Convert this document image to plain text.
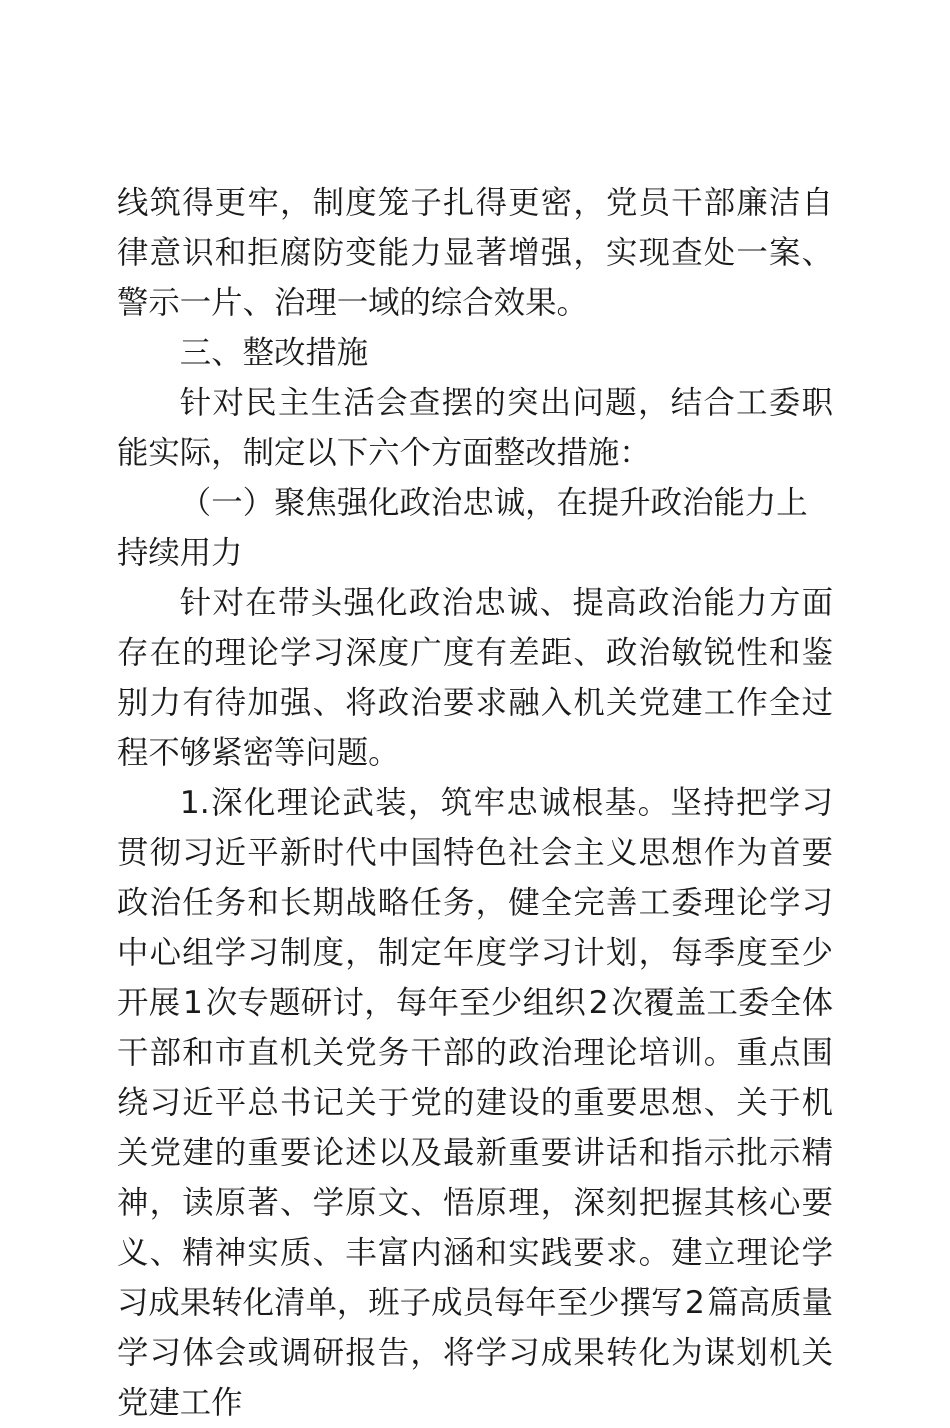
线筑得更牢，制度笼子扎得更密，党员干部廉洁自律意识和拒腐防变能力显著增强，实现查处一案、警示一片、治理一域的综合效果。

三、整改措施

针对民主生活会查摆的突出问题，结合工委职能实际，制定以下六个方面整改措施：

（一）聚焦强化政治忠诚，在提升政治能力上持续用力

针对在带头强化政治忠诚、提高政治能力方面存在的理论学习深度广度有差距、政治敏锐性和鉴别力有待加强、将政治要求融入机关党建工作全过程不够紧密等问题。

1.深化理论武装，筑牢忠诚根基。坚持把学习贯彻习近平新时代中国特色社会主义思想作为首要政治任务和长期战略任务，健全完善工委理论学习中心组学习制度，制定年度学习计划，每季度至少开展1次专题研讨，每年至少组织2次覆盖工委全体干部和市直机关党务干部的政治理论培训。重点围绕习近平总书记关于党的建设的重要思想、关于机关党建的重要论述以及最新重要讲话和指示批示精神，读原著、学原文、悟原理，深刻把握其核心要义、精神实质、丰富内涵和实践要求。建立理论学习成果转化清单，班子成员每年至少撰写2篇高质量学习体会或调研报告，将学习成果转化为谋划机关党建工作
